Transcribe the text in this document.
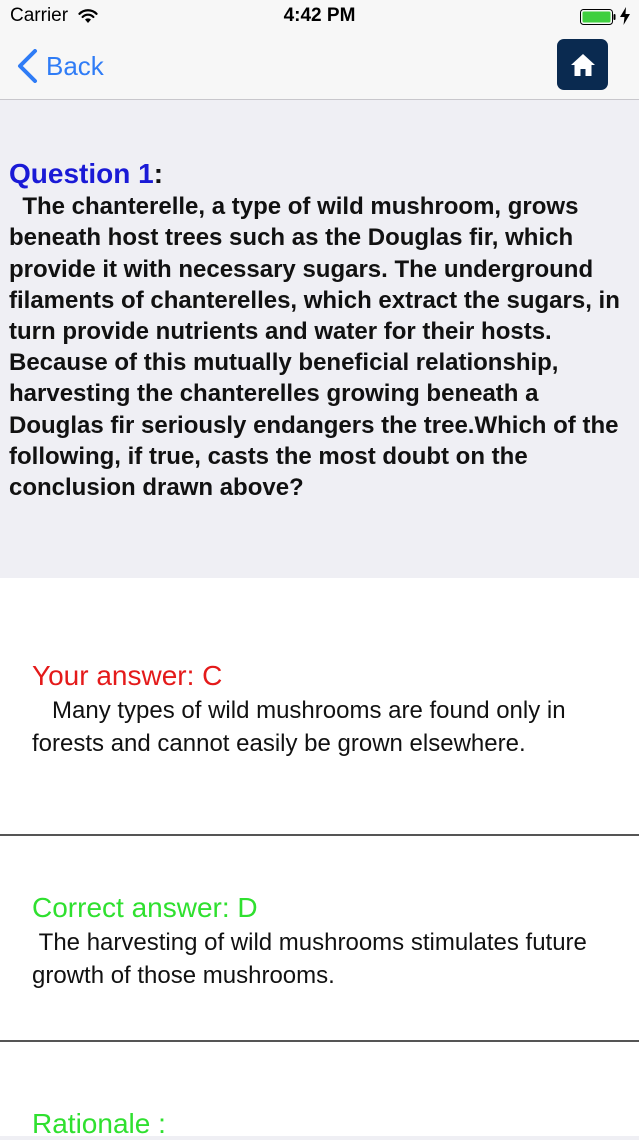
Carrier	4:42 PM
Back
Question 1:
The chanterelle, a type of wild mushroom, grows beneath host trees such as the Douglas fir, which provide it with necessary sugars. The underground filaments of chanterelles, which extract the sugars, in turn provide nutrients and water for their hosts. Because of this mutually beneficial relationship, harvesting the chanterelles growing beneath a Douglas fir seriously endangers the tree.Which of the following, if true, casts the most doubt on the conclusion drawn above?
Your answer: C
Many types of wild mushrooms are found only in forests and cannot easily be grown elsewhere.
Correct answer: D
The harvesting of wild mushrooms stimulates future growth of those mushrooms.
Rationale :
